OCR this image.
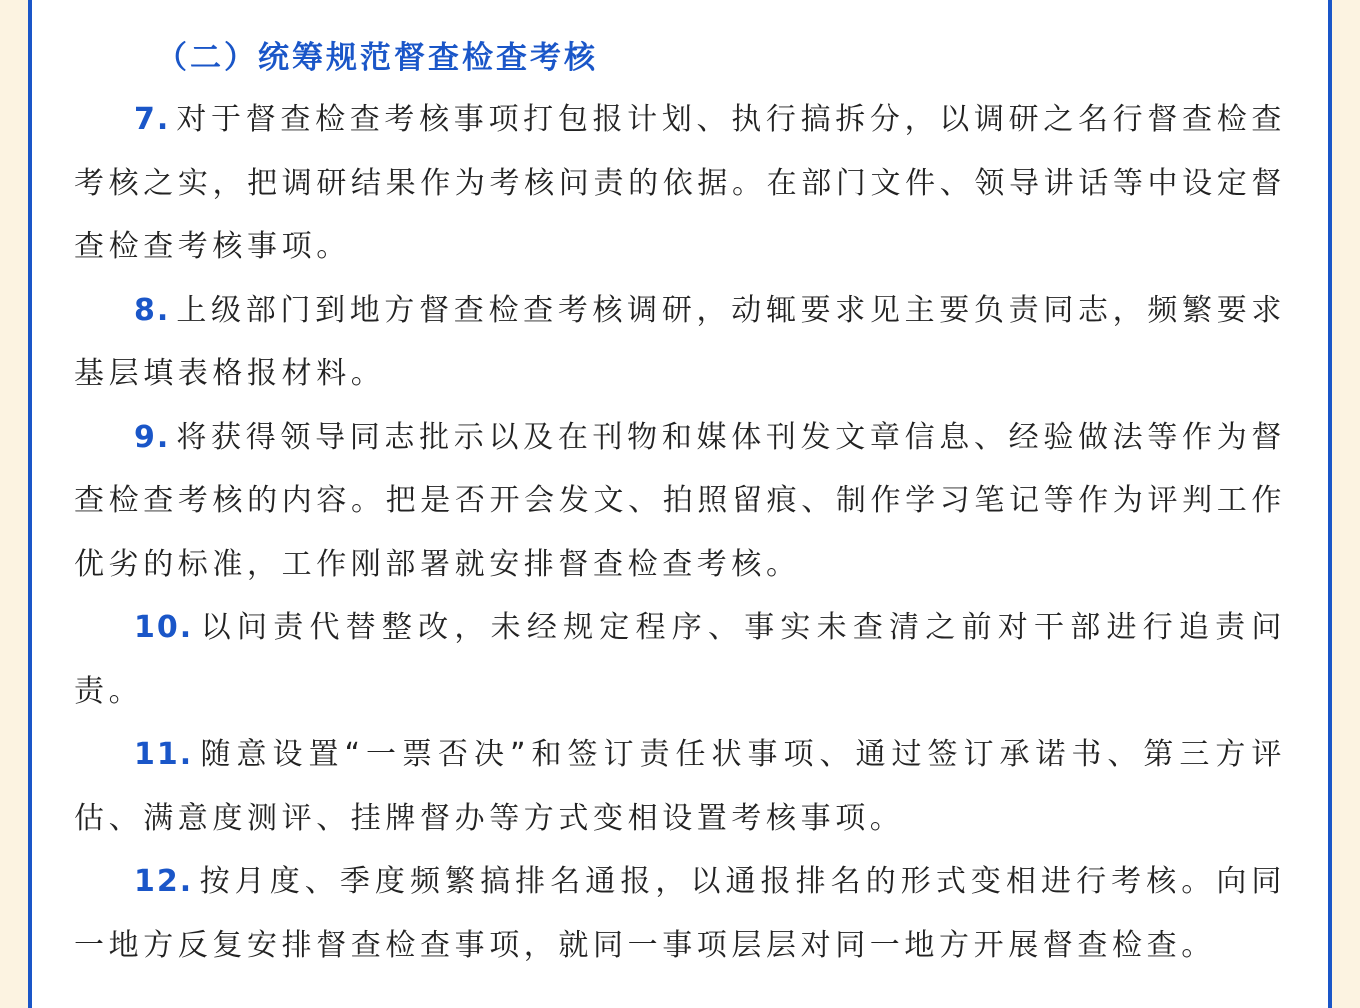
（二）统筹规范督查检查考核

7. 对于督查检查考核事项打包报计划、执行搞拆分，以调研之名行督查检查考核之实，把调研结果作为考核问责的依据。在部门文件、领导讲话等中设定督查检查考核事项。

8. 上级部门到地方督查检查考核调研，动辄要求见主要负责同志，频繁要求基层填表格报材料。

9. 将获得领导同志批示以及在刊物和媒体刊发文章信息、经验做法等作为督查检查考核的内容。把是否开会发文、拍照留痕、制作学习笔记等作为评判工作优劣的标准，工作刚部署就安排督查检查考核。

10. 以问责代替整改，未经规定程序、事实未查清之前对干部进行追责问责。

11. 随意设置“一票否决”和签订责任状事项、通过签订承诺书、第三方评估、满意度测评、挂牌督办等方式变相设置考核事项。

12. 按月度、季度频繁搞排名通报，以通报排名的形式变相进行考核。向同一地方反复安排督查检查事项，就同一事项层层对同一地方开展督查检查。
